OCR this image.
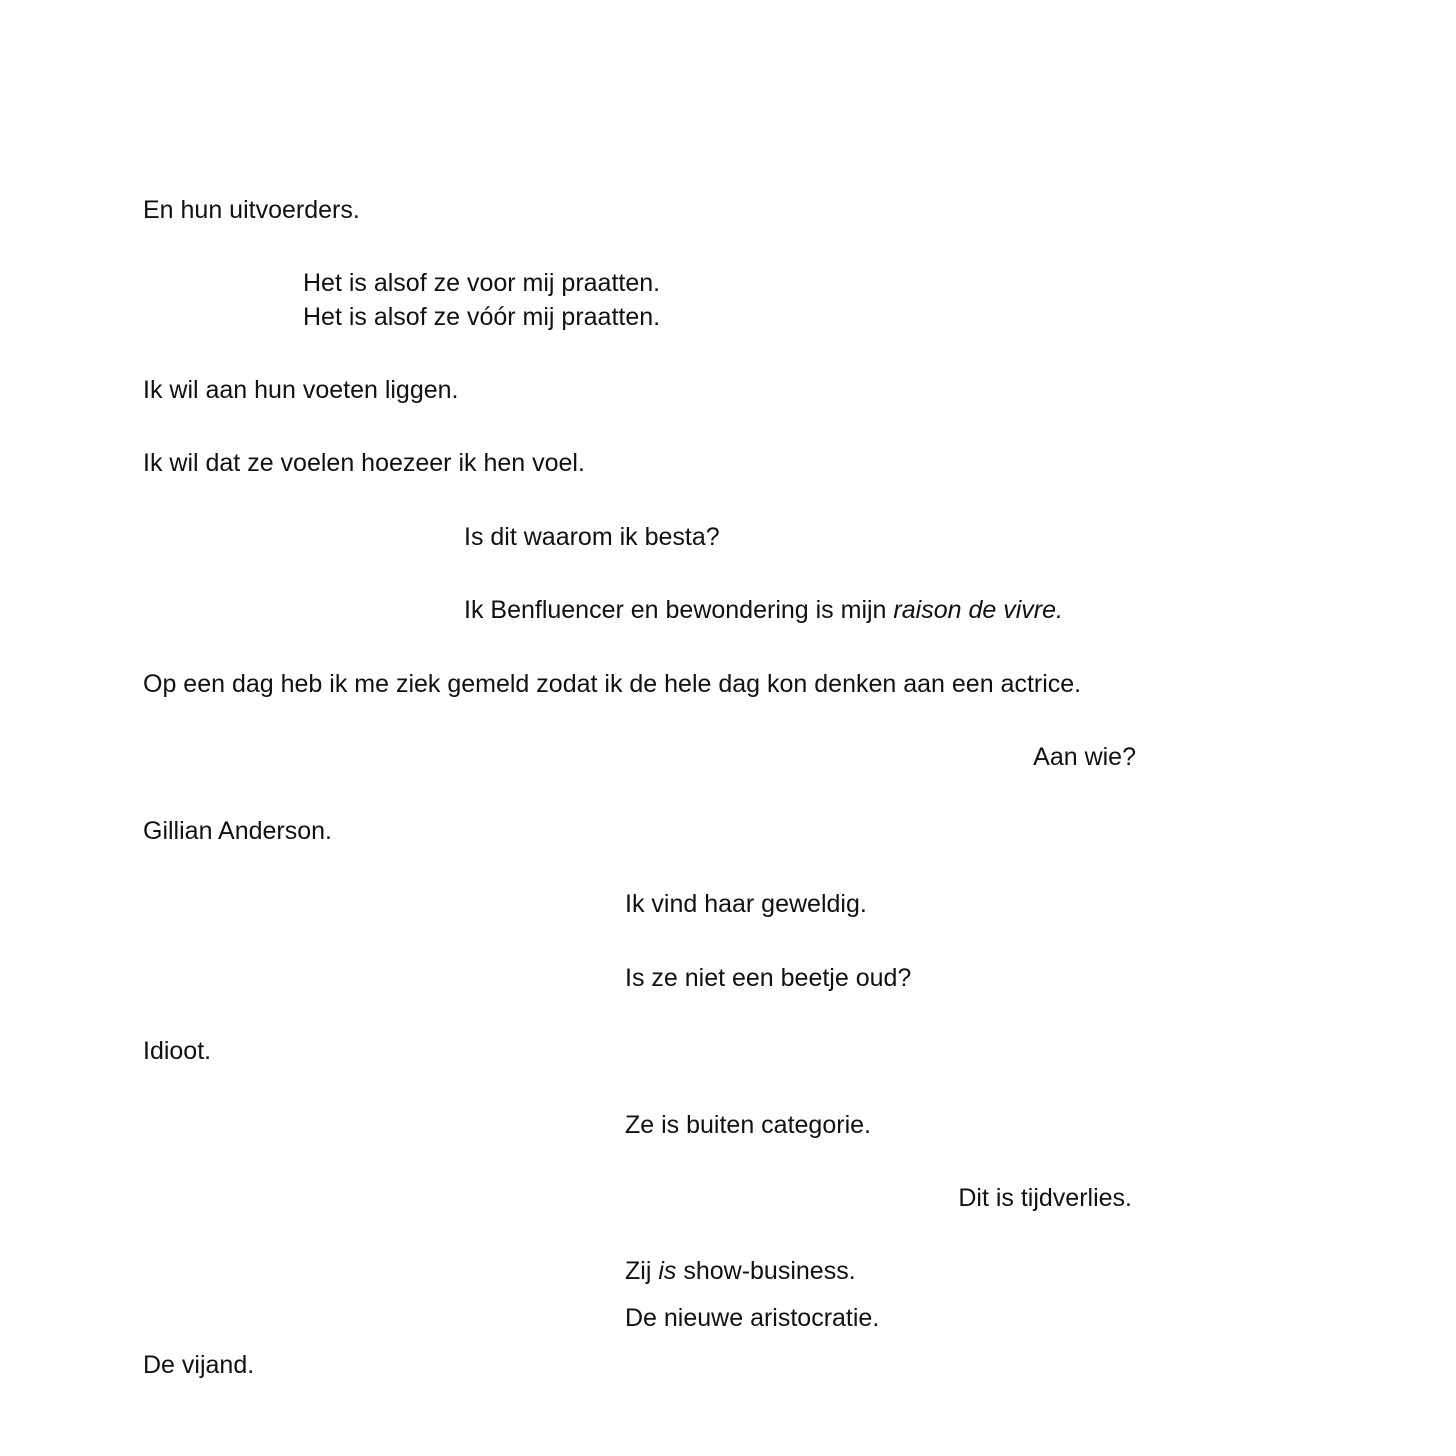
En hun uitvoerders.

Het is alsof ze voor mij praatten.

Het is alsof ze vóór mij praatten.

Ik wil aan hun voeten liggen.

Ik wil dat ze voelen hoezeer ik hen voel.

Is dit waarom ik besta?

Ik Benfluencer en bewondering is mijn raison de vivre.

Op een dag heb ik me ziek gemeld zodat ik de hele dag kon denken aan een actrice.

Aan wie?

Gillian Anderson.

Ik vind haar geweldig.

Is ze niet een beetje oud?

Idioot.

Ze is buiten categorie.

Dit is tijdverlies.

Zij is show-business.

De nieuwe aristocratie.

De vijand.
